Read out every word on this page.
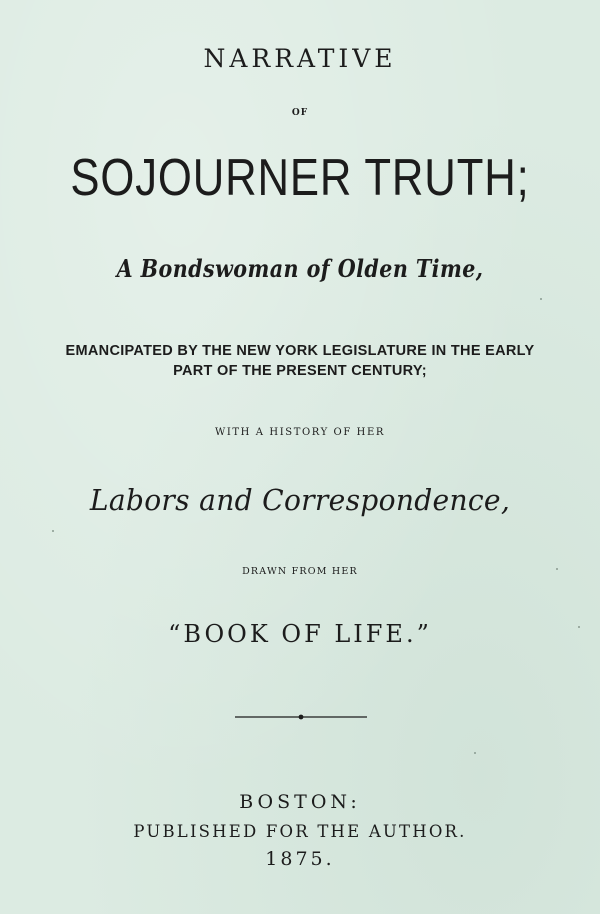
NARRATIVE
OF
SOJOURNER TRUTH;
A Bondswoman of Olden Time,
EMANCIPATED BY THE NEW YORK LEGISLATURE IN THE EARLY
PART OF THE PRESENT CENTURY;
WITH A HISTORY OF HER
Labors and Correspondence,
DRAWN FROM HER
“BOOK OF LIFE.”
BOSTON:
PUBLISHED FOR THE AUTHOR.
1875.
